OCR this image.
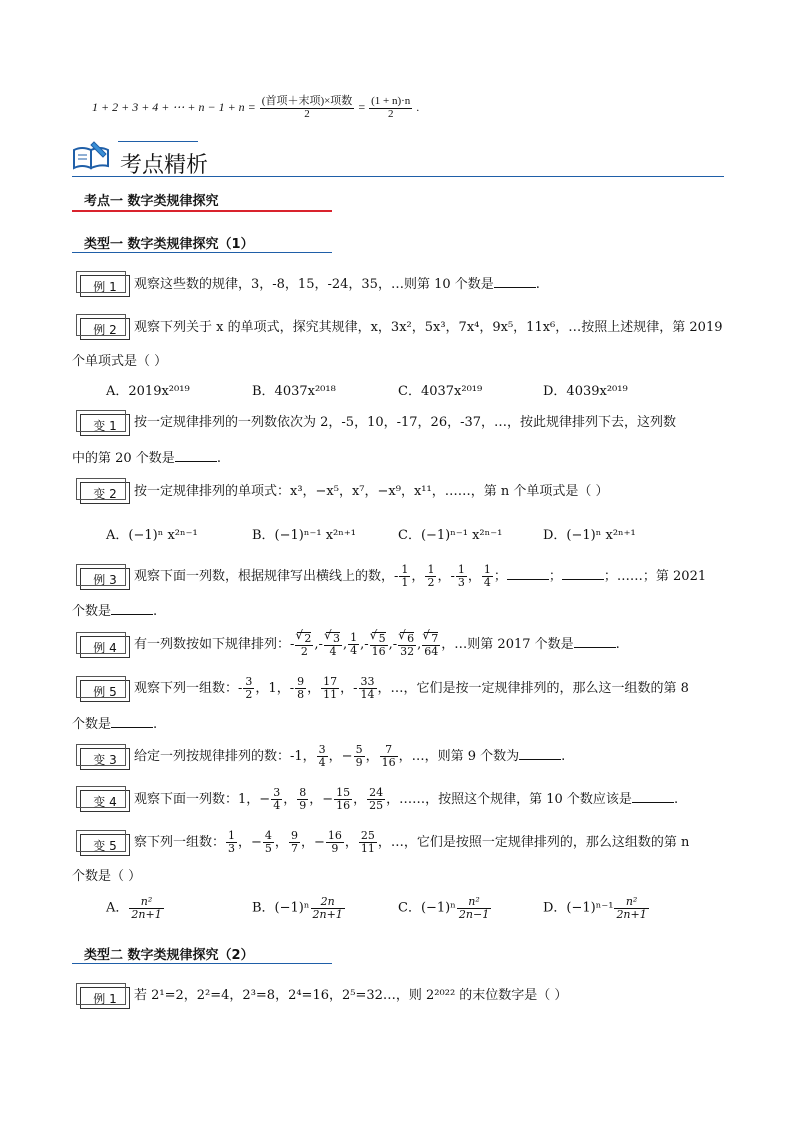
1 + 2 + 3 + 4 + ⋯ + $n - 1 + n = \frac{\text{(首项＋末项)×项数}}{2} = \frac{(1 + n)\cdot n}{2}$ .
考点精析
考点一 数字类规律探究
类型一 数字类规律探究（1）
例 1	观察这些数的规律，3，-8，15，-24，35，…则第 10 个数是	.
例 2	观察下列关于 x 的单项式，探究其规律，x，3x²，5x³，7x⁴，9x⁵，11x⁶，…按照上述规律，第 2019
个单项式是（ ）
A．2019x²⁰¹⁹	B．4037x²⁰¹⁸	C．4037x²⁰¹⁹	D．4039x²⁰¹⁹
变 1	按一定规律排列的一列数依次为 2，-5，10，-17，26，-37，…，按此规律排列下去，这列数
中的第 20 个数是	.
变 2	按一定规律排列的单项式：x³，−x⁵，x⁷，−x⁹，x¹¹，……，第 n 个单项式是（ ）
A．(−1)ⁿ x²ⁿ⁻¹	B．(−1)ⁿ⁻¹ x²ⁿ⁺¹	C．(−1)ⁿ⁻¹ x²ⁿ⁻¹	D．(−1)ⁿ x²ⁿ⁺¹
例 3	观察下面一列数，根据规律写出横线上的数，- $\frac{1}{1}$ ， $\frac{1}{2}$ ，- $\frac{1}{3}$ ， $\frac{1}{4}$ ；	；	；……；第 2021
个数是	.
例 4	有一列数按如下规律排列：- √ $\frac{2}{2}$ ,- √ $\frac{3}{4}$ , $\frac{1}{4}$ ,- √ $\frac{5}{16}$ ,- √ $\frac{6}{32}$ , √ $\frac{7}{64}$ ，…则第 2017 个数是	.
例 5	观察下列一组数：- $\frac{3}{2}$ ，1，- $\frac{9}{8}$ ， $\frac{17}{11}$ ，- $\frac{33}{14}$ ，…，它们是按一定规律排列的，那么这一组数的第 8
个数是	.
变 3	给定一列按规律排列的数：-1， $\frac{3}{4}$ ，− $\frac{5}{9}$ ， $\frac{7}{16}$ ，…，则第 9 个数为	.
变 4	观察下面一列数：1，− $\frac{3}{4}$ ， $\frac{8}{9}$ ，− $\frac{15}{16}$ ， $\frac{24}{25}$ ，……，按照这个规律，第 10 个数应该是	.
变 5	察下列一组数： $\frac{1}{3}$ ，− $\frac{4}{5}$ ， $\frac{9}{7}$ ，− $\frac{16}{9}$ ， $\frac{25}{11}$ ，…，它们是按照一定规律排列的，那么这组数的第 n
个数是（ ）
A． $\frac{\text{n²}}{2n+1}$	B．$(-1)^n \frac{2n}{2n+1}$	C．$(-1)^n \frac{\text{n²}}{2n-1}$	D．$(-1)^{n-1} \frac{\text{n²}}{2n+1}$
类型二 数字类规律探究（2）
例 1	若 2¹=2，2²=4，2³=8，2⁴=16，2⁵=32…，则 2²⁰²² 的末位数字是（ ）
